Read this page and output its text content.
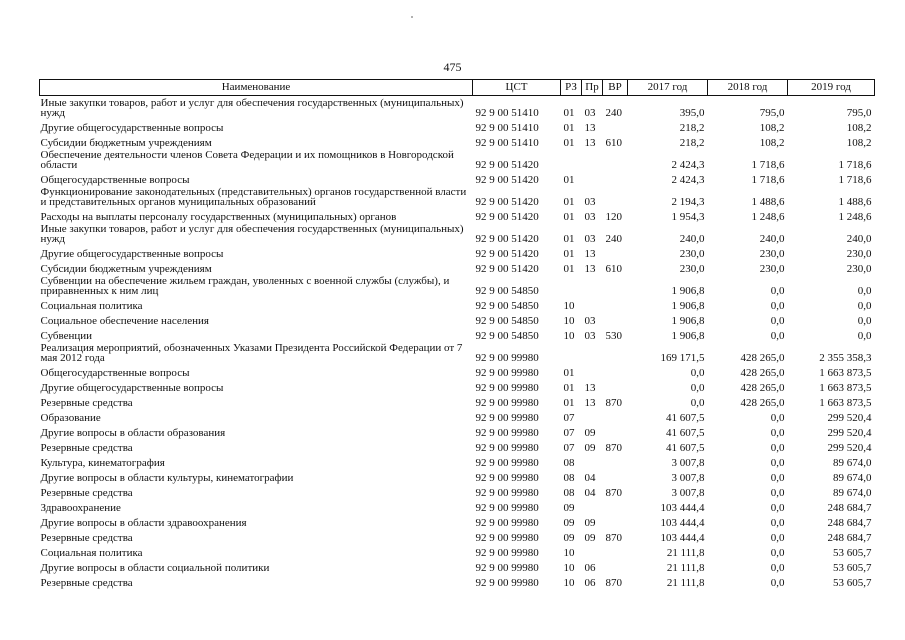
475
Наименование	ЦСТ	РЗ	Пр	ВР	2017 год	2018 год	2019 год
Иные закупки товаров, работ и услуг для обеспечения государственных (муниципальных) нужд	92 9 00 51410	01	03	240	395,0	795,0	795,0
Другие общегосударственные вопросы	92 9 00 51410	01	13		218,2	108,2	108,2
Субсидии бюджетным учреждениям	92 9 00 51410	01	13	610	218,2	108,2	108,2
Обеспечение деятельности членов Совета Федерации и их помощников в Новгородской области	92 9 00 51420				2 424,3	1 718,6	1 718,6
Общегосударственные вопросы	92 9 00 51420	01			2 424,3	1 718,6	1 718,6
Функционирование законодательных (представительных) органов государственной власти и представительных органов муниципальных образований	92 9 00 51420	01	03		2 194,3	1 488,6	1 488,6
Расходы на выплаты персоналу государственных (муниципальных) органов	92 9 00 51420	01	03	120	1 954,3	1 248,6	1 248,6
Иные закупки товаров, работ и услуг для обеспечения государственных (муниципальных) нужд	92 9 00 51420	01	03	240	240,0	240,0	240,0
Другие общегосударственные вопросы	92 9 00 51420	01	13		230,0	230,0	230,0
Субсидии бюджетным учреждениям	92 9 00 51420	01	13	610	230,0	230,0	230,0
Субвенции на обеспечение жильем граждан, уволенных с военной службы (службы), и приравненных к ним лиц	92 9 00 54850				1 906,8	0,0	0,0
Социальная политика	92 9 00 54850	10			1 906,8	0,0	0,0
Социальное обеспечение населения	92 9 00 54850	10	03		1 906,8	0,0	0,0
Субвенции	92 9 00 54850	10	03	530	1 906,8	0,0	0,0
Реализация мероприятий, обозначенных Указами Президента Российской Федерации от 7 мая 2012 года	92 9 00 99980				169 171,5	428 265,0	2 355 358,3
Общегосударственные вопросы	92 9 00 99980	01			0,0	428 265,0	1 663 873,5
Другие общегосударственные вопросы	92 9 00 99980	01	13		0,0	428 265,0	1 663 873,5
Резервные средства	92 9 00 99980	01	13	870	0,0	428 265,0	1 663 873,5
Образование	92 9 00 99980	07			41 607,5	0,0	299 520,4
Другие вопросы в области образования	92 9 00 99980	07	09		41 607,5	0,0	299 520,4
Резервные средства	92 9 00 99980	07	09	870	41 607,5	0,0	299 520,4
Культура, кинематография	92 9 00 99980	08			3 007,8	0,0	89 674,0
Другие вопросы в области культуры, кинематографии	92 9 00 99980	08	04		3 007,8	0,0	89 674,0
Резервные средства	92 9 00 99980	08	04	870	3 007,8	0,0	89 674,0
Здравоохранение	92 9 00 99980	09			103 444,4	0,0	248 684,7
Другие вопросы в области здравоохранения	92 9 00 99980	09	09		103 444,4	0,0	248 684,7
Резервные средства	92 9 00 99980	09	09	870	103 444,4	0,0	248 684,7
Социальная политика	92 9 00 99980	10			21 111,8	0,0	53 605,7
Другие вопросы в области социальной политики	92 9 00 99980	10	06		21 111,8	0,0	53 605,7
Резервные средства	92 9 00 99980	10	06	870	21 111,8	0,0	53 605,7
